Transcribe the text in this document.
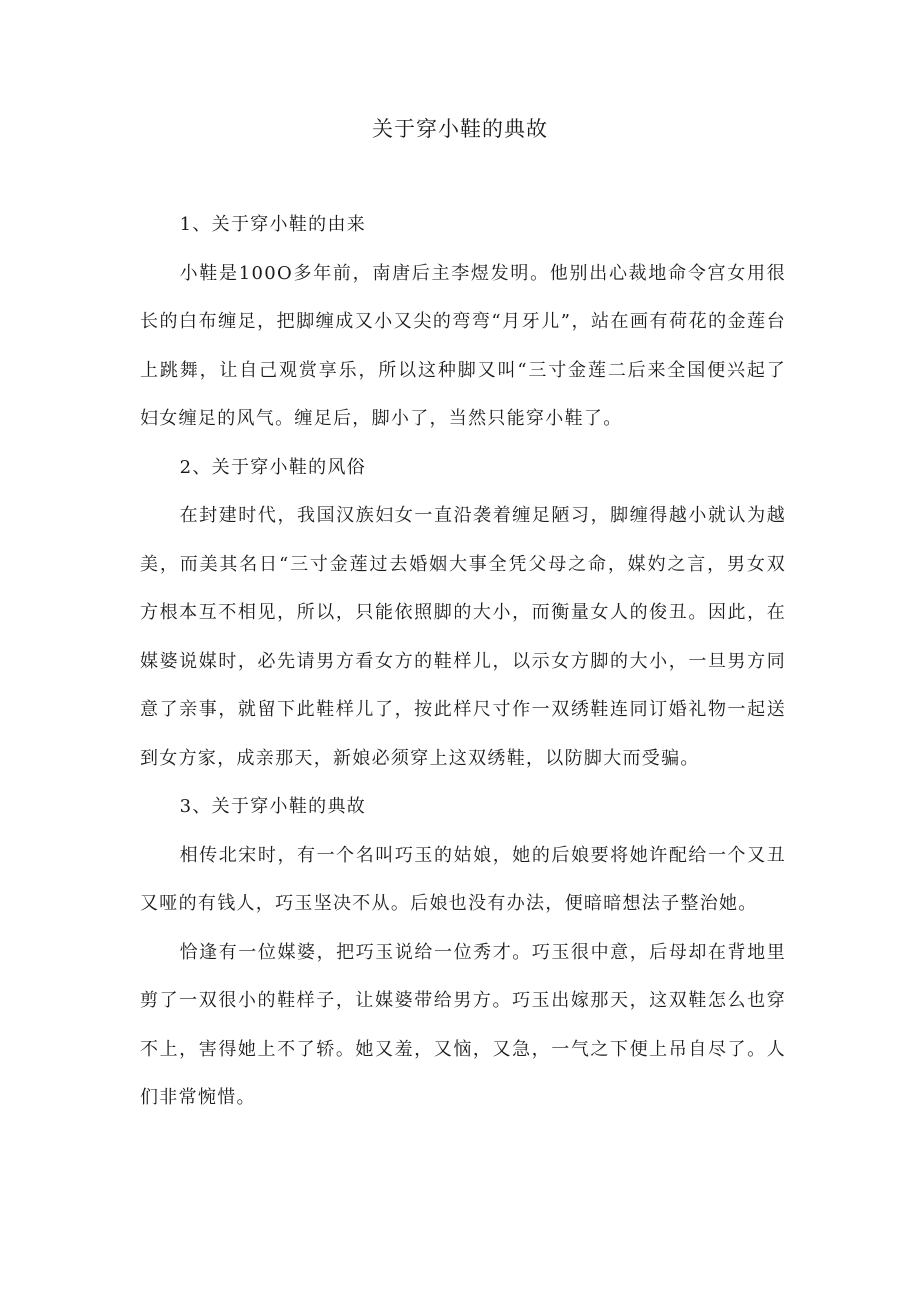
关于穿小鞋的典故

1、关于穿小鞋的由来

小鞋是100O多年前，南唐后主李煜发明。他别出心裁地命令宫女用很长的白布缠足，把脚缠成又小又尖的弯弯“月牙儿”，站在画有荷花的金莲台上跳舞，让自己观赏享乐，所以这种脚又叫“三寸金莲二后来全国便兴起了妇女缠足的风气。缠足后，脚小了，当然只能穿小鞋了。

2、关于穿小鞋的风俗

在封建时代，我国汉族妇女一直沿袭着缠足陋习，脚缠得越小就认为越美，而美其名日“三寸金莲过去婚姻大事全凭父母之命，媒妁之言，男女双方根本互不相见，所以，只能依照脚的大小，而衡量女人的俊丑。因此，在媒婆说媒时，必先请男方看女方的鞋样儿，以示女方脚的大小，一旦男方同意了亲事，就留下此鞋样儿了，按此样尺寸作一双绣鞋连同订婚礼物一起送到女方家，成亲那天，新娘必须穿上这双绣鞋，以防脚大而受骗。

3、关于穿小鞋的典故

相传北宋时，有一个名叫巧玉的姑娘，她的后娘要将她许配给一个又丑又哑的有钱人，巧玉坚决不从。后娘也没有办法，便暗暗想法子整治她。

恰逢有一位媒婆，把巧玉说给一位秀才。巧玉很中意，后母却在背地里剪了一双很小的鞋样子，让媒婆带给男方。巧玉出嫁那天，这双鞋怎么也穿不上，害得她上不了轿。她又羞，又恼，又急，一气之下便上吊自尽了。人们非常惋惜。
